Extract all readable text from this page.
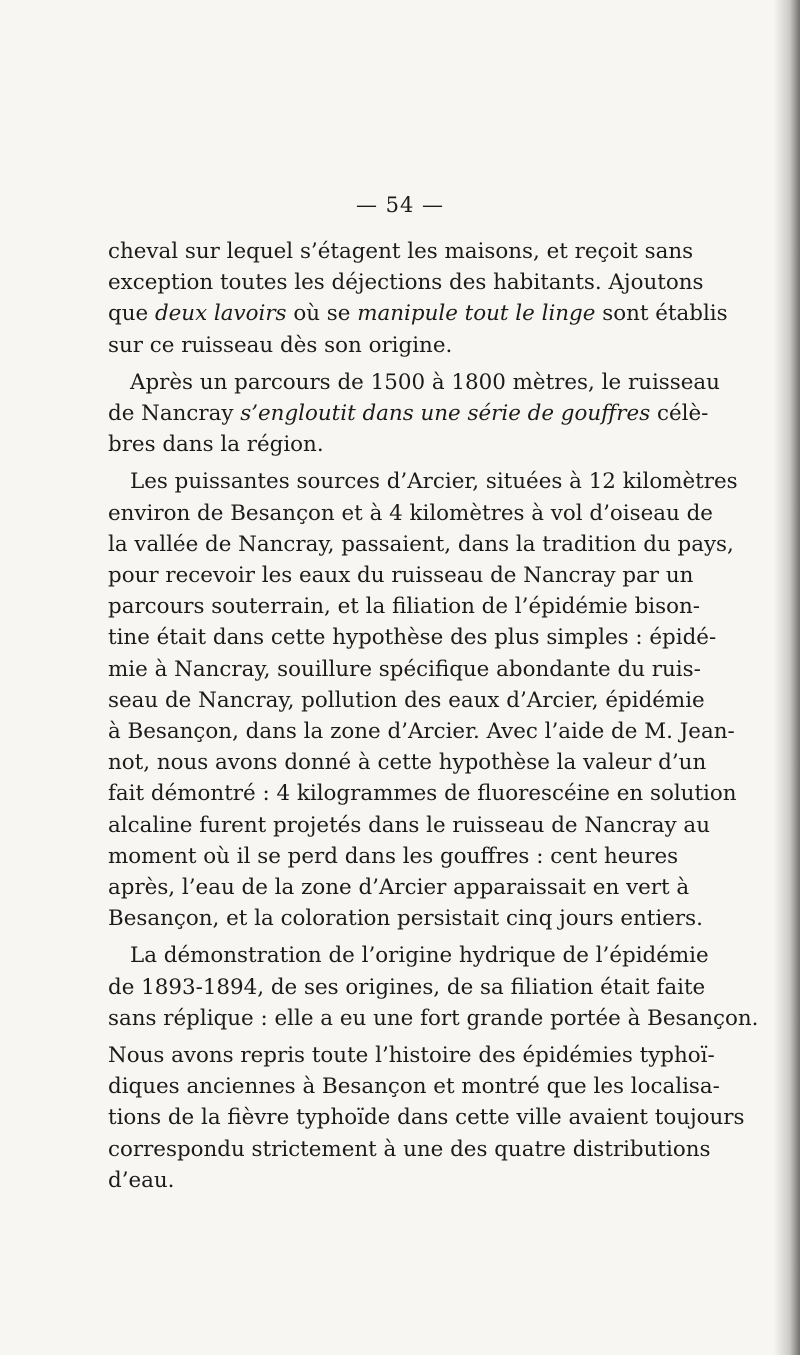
— 54 —
cheval sur lequel s’étagent les maisons, et reçoit sans
exception toutes les déjections des habitants. Ajoutons
que deux lavoirs où se manipule tout le linge sont établis
sur ce ruisseau dès son origine.
Après un parcours de 1500 à 1800 mètres, le ruisseau
de Nancray s’engloutit dans une série de gouffres célè-
bres dans la région.
Les puissantes sources d’Arcier, situées à 12 kilomètres
environ de Besançon et à 4 kilomètres à vol d’oiseau de
la vallée de Nancray, passaient, dans la tradition du pays,
pour recevoir les eaux du ruisseau de Nancray par un
parcours souterrain, et la filiation de l’épidémie bison-
tine était dans cette hypothèse des plus simples : épidé-
mie à Nancray, souillure spécifique abondante du ruis-
seau de Nancray, pollution des eaux d’Arcier, épidémie
à Besançon, dans la zone d’Arcier. Avec l’aide de M. Jean-
not, nous avons donné à cette hypothèse la valeur d’un
fait démontré : 4 kilogrammes de fluorescéine en solution
alcaline furent projetés dans le ruisseau de Nancray au
moment où il se perd dans les gouffres : cent heures
après, l’eau de la zone d’Arcier apparaissait en vert à
Besançon, et la coloration persistait cinq jours entiers.
La démonstration de l’origine hydrique de l’épidémie
de 1893-1894, de ses origines, de sa filiation était faite
sans réplique : elle a eu une fort grande portée à Besançon.
Nous avons repris toute l’histoire des épidémies typhoï-
diques anciennes à Besançon et montré que les localisa-
tions de la fièvre typhoïde dans cette ville avaient toujours
correspondu strictement à une des quatre distributions
d’eau.
